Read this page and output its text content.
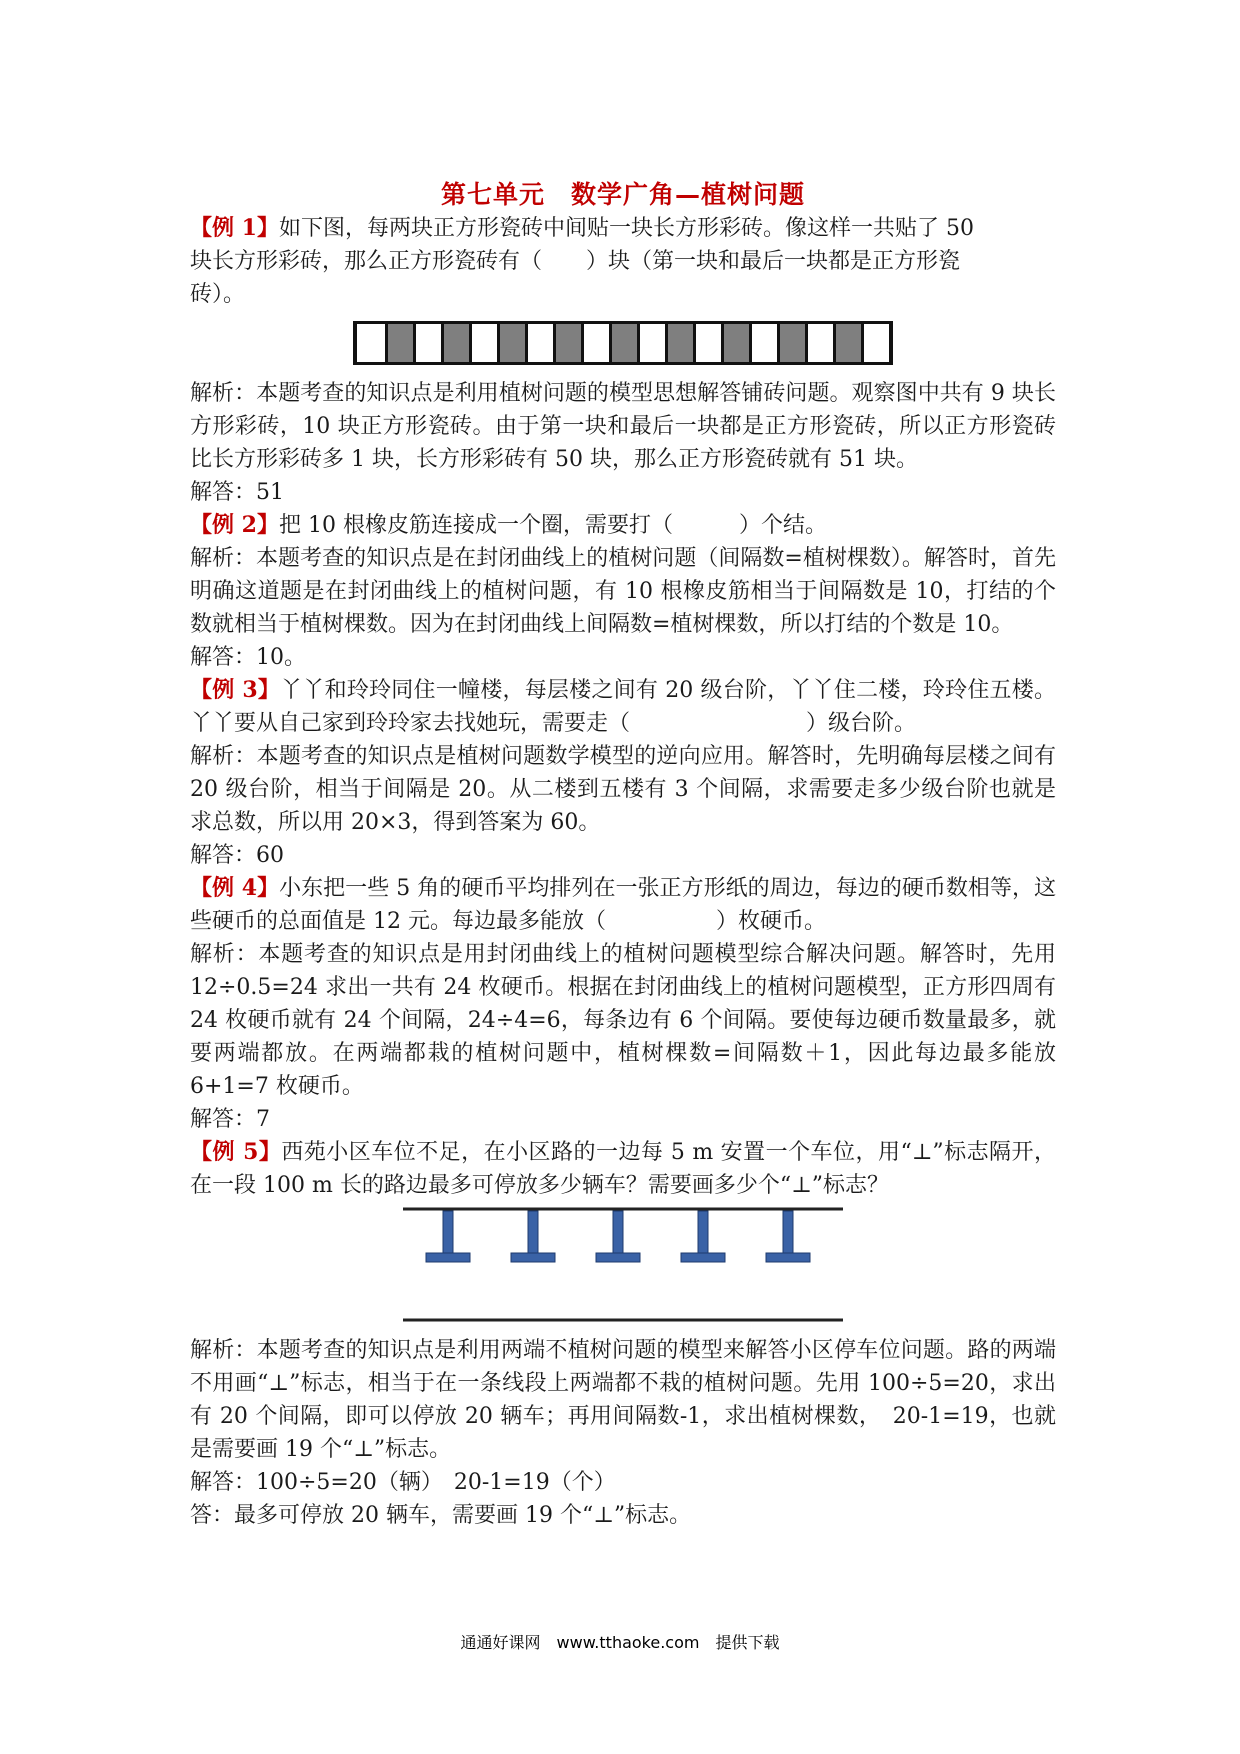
第七单元　数学广角—植树问题

【例 1】如下图，每两块正方形瓷砖中间贴一块长方形彩砖。像这样一共贴了 50

块长方形彩砖，那么正方形瓷砖有（　　）块（第一块和最后一块都是正方形瓷

砖）。

解析：本题考查的知识点是利用植树问题的模型思想解答铺砖问题。观察图中共有 9 块长方形彩砖，10 块正方形瓷砖。由于第一块和最后一块都是正方形瓷砖，所以正方形瓷砖比长方形彩砖多 1 块，长方形彩砖有 50 块，那么正方形瓷砖就有 51 块。

解答：51

【例 2】把 10 根橡皮筋连接成一个圈，需要打（　　　）个结。

解析：本题考查的知识点是在封闭曲线上的植树问题（间隔数=植树棵数）。解答时，首先明确这道题是在封闭曲线上的植树问题，有 10 根橡皮筋相当于间隔数是 10，打结的个数就相当于植树棵数。因为在封闭曲线上间隔数=植树棵数，所以打结的个数是 10。

解答：10。

【例 3】丫丫和玲玲同住一幢楼，每层楼之间有 20 级台阶，丫丫住二楼，玲玲住五楼。丫丫要从自己家到玲玲家去找她玩，需要走（　　　　　　　　）级台阶。

解析：本题考查的知识点是植树问题数学模型的逆向应用。解答时，先明确每层楼之间有 20 级台阶，相当于间隔是 20。从二楼到五楼有 3 个间隔，求需要走多少级台阶也就是求总数，所以用 20×3，得到答案为 60。

解答：60

【例 4】小东把一些 5 角的硬币平均排列在一张正方形纸的周边，每边的硬币数相等，这些硬币的总面值是 12 元。每边最多能放（　　　　　）枚硬币。

解析：本题考查的知识点是用封闭曲线上的植树问题模型综合解决问题。解答时，先用 12÷0.5=24 求出一共有 24 枚硬币。根据在封闭曲线上的植树问题模型，正方形四周有 24 枚硬币就有 24 个间隔，24÷4=6，每条边有 6 个间隔。要使每边硬币数量最多，就要两端都放。在两端都栽的植树问题中，植树棵数=间隔数＋1，因此每边最多能放 6+1=7 枚硬币。

解答：7

【例 5】西苑小区车位不足，在小区路的一边每 5 m 安置一个车位，用“⊥”标志隔开，在一段 100 m 长的路边最多可停放多少辆车？需要画多少个“⊥”标志？

解析：本题考查的知识点是利用两端不植树问题的模型来解答小区停车位问题。路的两端不用画“⊥”标志，相当于在一条线段上两端都不栽的植树问题。先用 100÷5=20，求出有 20 个间隔，即可以停放 20 辆车；再用间隔数-1，求出植树棵数，　20-1=19，也就是需要画 19 个“⊥”标志。

解答：100÷5=20（辆）　20-1=19（个）

答：最多可停放 20 辆车，需要画 19 个“⊥”标志。

通通好课网　www.tthaoke.com　提供下载
